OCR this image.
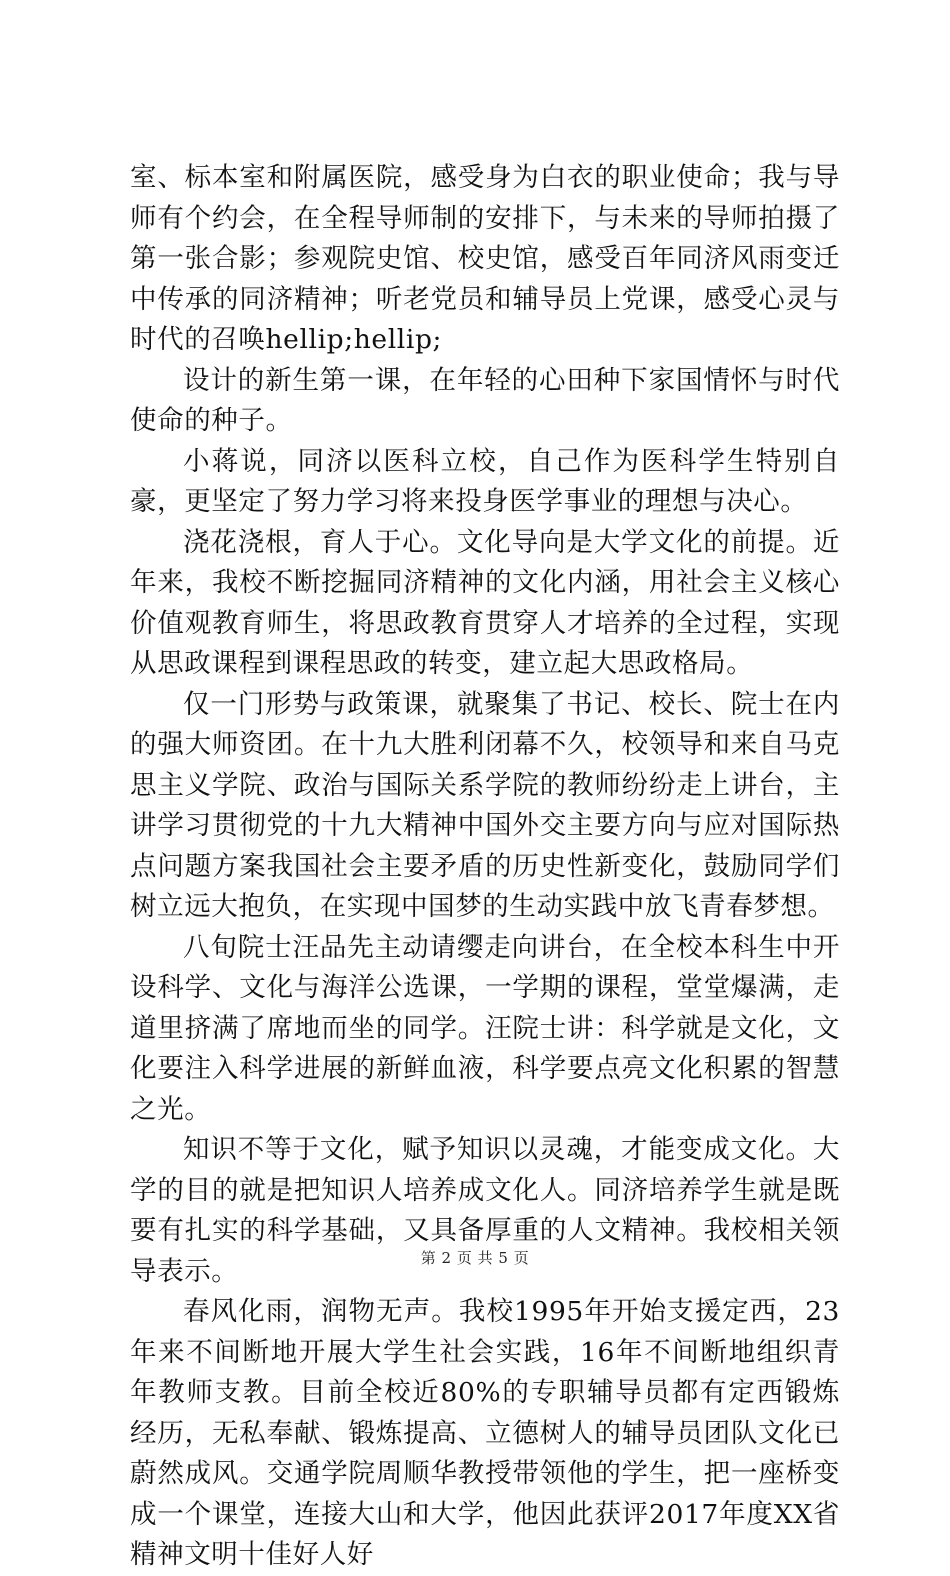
室、标本室和附属医院，感受身为白衣的职业使命；我与导师有个约会，在全程导师制的安排下，与未来的导师拍摄了第一张合影；参观院史馆、校史馆，感受百年同济风雨变迁中传承的同济精神；听老党员和辅导员上党课，感受心灵与时代的召唤hellip;hellip;

设计的新生第一课，在年轻的心田种下家国情怀与时代使命的种子。

小蒋说，同济以医科立校，自己作为医科学生特别自豪，更坚定了努力学习将来投身医学事业的理想与决心。

浇花浇根，育人于心。文化导向是大学文化的前提。近年来，我校不断挖掘同济精神的文化内涵，用社会主义核心价值观教育师生，将思政教育贯穿人才培养的全过程，实现从思政课程到课程思政的转变，建立起大思政格局。

仅一门形势与政策课，就聚集了书记、校长、院士在内的强大师资团。在十九大胜利闭幕不久，校领导和来自马克思主义学院、政治与国际关系学院的教师纷纷走上讲台，主讲学习贯彻党的十九大精神中国外交主要方向与应对国际热点问题方案我国社会主要矛盾的历史性新变化，鼓励同学们树立远大抱负，在实现中国梦的生动实践中放飞青春梦想。

八旬院士汪品先主动请缨走向讲台，在全校本科生中开设科学、文化与海洋公选课，一学期的课程，堂堂爆满，走道里挤满了席地而坐的同学。汪院士讲：科学就是文化，文化要注入科学进展的新鲜血液，科学要点亮文化积累的智慧之光。

知识不等于文化，赋予知识以灵魂，才能变成文化。大学的目的就是把知识人培养成文化人。同济培养学生就是既要有扎实的科学基础，又具备厚重的人文精神。我校相关领导表示。

春风化雨，润物无声。我校1995年开始支援定西，23年来不间断地开展大学生社会实践，16年不间断地组织青年教师支教。目前全校近80%的专职辅导员都有定西锻炼经历，无私奉献、锻炼提高、立德树人的辅导员团队文化已蔚然成风。交通学院周顺华教授带领他的学生，把一座桥变成一个课堂，连接大山和大学，他因此获评2017年度XX省精神文明十佳好人好

第 2 页 共 5 页
